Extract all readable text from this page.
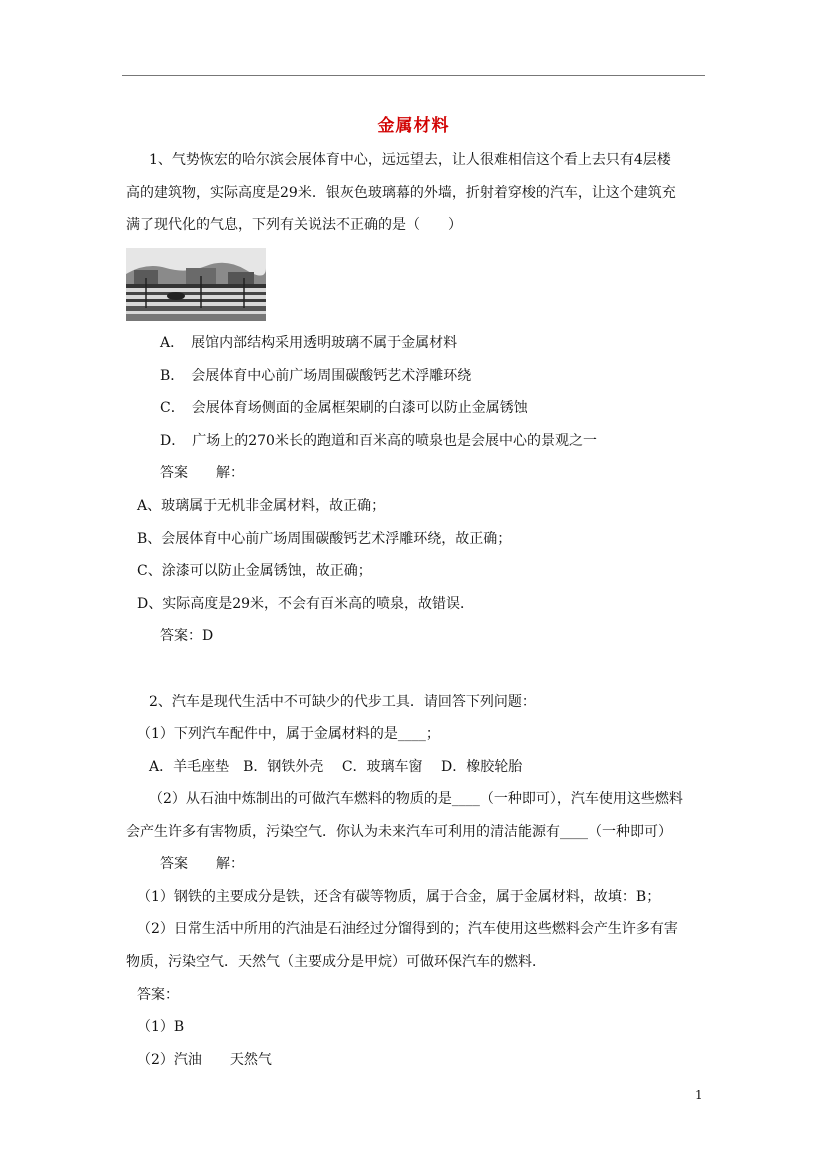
金属材料
1、气势恢宏的哈尔滨会展体育中心，远远望去，让人很难相信这个看上去只有4层楼
高的建筑物，实际高度是29米．银灰色玻璃幕的外墙，折射着穿梭的汽车，让这个建筑充
满了现代化的气息，下列有关说法不正确的是（　　）
A．　展馆内部结构采用透明玻璃不属于金属材料
B．　会展体育中心前广场周围碳酸钙艺术浮雕环绕
C．　会展体育场侧面的金属框架刷的白漆可以防止金属锈蚀
D．　广场上的270米长的跑道和百米高的喷泉也是会展中心的景观之一
答案　　解：
A、玻璃属于无机非金属材料，故正确；
B、会展体育中心前广场周围碳酸钙艺术浮雕环绕，故正确；
C、涂漆可以防止金属锈蚀，故正确；
D、实际高度是29米，不会有百米高的喷泉，故错误．
答案：D
2、汽车是现代生活中不可缺少的代步工具．请回答下列问题：
（1）下列汽车配件中，属于金属材料的是____；
A．羊毛座垫　B．钢铁外壳　 C．玻璃车窗　 D．橡胶轮胎
（2）从石油中炼制出的可做汽车燃料的物质的是____（一种即可），汽车使用这些燃料
会产生许多有害物质，污染空气．你认为未来汽车可利用的清洁能源有____（一种即可）
答案　　解：
（1）钢铁的主要成分是铁，还含有碳等物质，属于合金，属于金属材料，故填：B；
（2）日常生活中所用的汽油是石油经过分馏得到的；汽车使用这些燃料会产生许多有害
物质，污染空气．天然气（主要成分是甲烷）可做环保汽车的燃料．
答案：
（1）B
（2）汽油　　天然气
1
